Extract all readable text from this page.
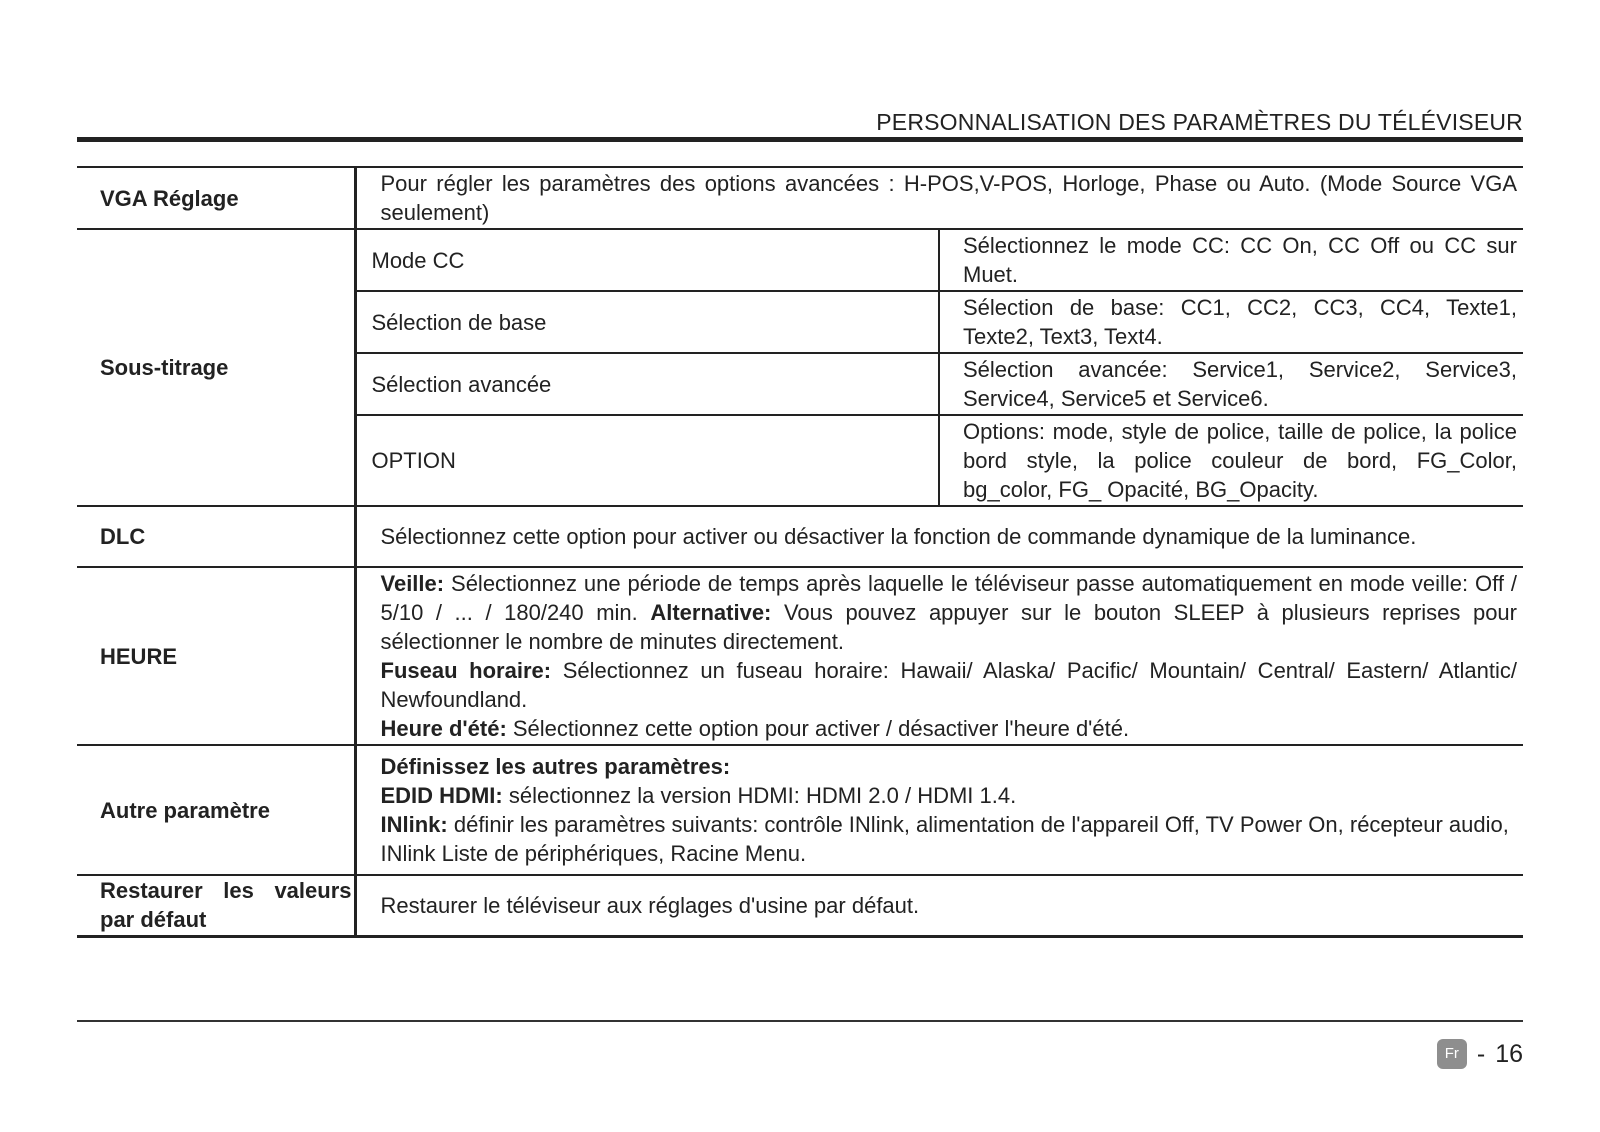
PERSONNALISATION DES PARAMÈTRES DU TÉLÉVISEUR
VGA Réglage	Pour régler les paramètres des options avancées : H-POS,V-POS, Horloge, Phase ou Auto. (Mode Source VGA seulement)	
Sous-titrage	Mode CC	Sélectionnez le mode CC: CC On, CC Off ou CC sur Muet.
	Sélection de base	Sélection de base: CC1, CC2, CC3, CC4, Texte1, Texte2, Text3, Text4.
	Sélection avancée	Sélection avancée: Service1, Service2, Service3, Service4, Service5 et Service6.
	OPTION	Options: mode, style de police, taille de police, la police bord style, la police couleur de bord, FG_Color, bg_color, FG_ Opacité, BG_Opacity.
DLC	Sélectionnez cette option pour activer ou désactiver la fonction de commande dynamique de la luminance.	
HEURE	Veille: Sélectionnez une période de temps après laquelle le téléviseur passe automatiquement en mode veille: Off / 5/10 / ... / 180/240 min. Alternative: Vous pouvez appuyer sur le bouton SLEEP à plusieurs reprises pour sélectionner le nombre de minutes directement.

Fuseau horaire: Sélectionnez un fuseau horaire: Hawaii/ Alaska/ Pacific/ Mountain/ Central/ Eastern/ Atlantic/ Newfoundland.

Heure d'été: Sélectionnez cette option pour activer / désactiver l'heure d'été.	

Autre paramètre	Définissez les autres paramètres:

EDID HDMI: sélectionnez la version HDMI: HDMI 2.0 / HDMI 1.4.

INlink: définir les paramètres suivants: contrôle INlink, alimentation de l'appareil Off, TV Power On, récepteur audio, INlink Liste de périphériques, Racine Menu.	

Restaurer les valeurs par défaut	Restaurer le téléviseur aux réglages d'usine par défaut.	
Fr - 16
